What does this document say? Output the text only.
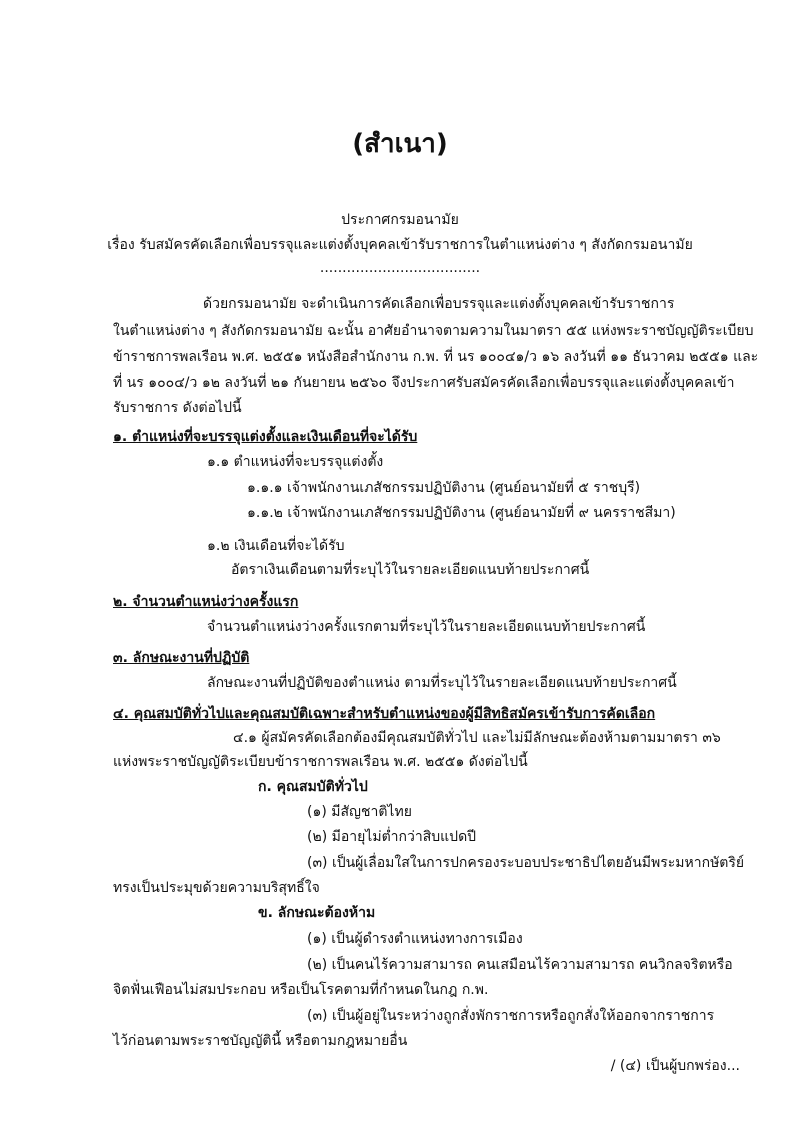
(สำเนา)
ประกาศกรมอนามัย
เรื่อง รับสมัครคัดเลือกเพื่อบรรจุและแต่งตั้งบุคคลเข้ารับราชการในตำแหน่งต่าง ๆ สังกัดกรมอนามัย
....................................
ด้วยกรมอนามัย จะดำเนินการคัดเลือกเพื่อบรรจุและแต่งตั้งบุคคลเข้ารับราชการ
ในตำแหน่งต่าง ๆ สังกัดกรมอนามัย ฉะนั้น อาศัยอำนาจตามความในมาตรา ๕๕ แห่งพระราชบัญญัติระเบียบ
ข้าราชการพลเรือน พ.ศ. ๒๕๕๑ หนังสือสำนักงาน ก.พ. ที่ นร ๑๐๐๔๑/ว ๑๖ ลงวันที่ ๑๑ ธันวาคม ๒๕๕๑ และ
ที่ นร ๑๐๐๔/ว ๑๒ ลงวันที่ ๒๑ กันยายน ๒๕๖๐ จึงประกาศรับสมัครคัดเลือกเพื่อบรรจุและแต่งตั้งบุคคลเข้า
รับราชการ ดังต่อไปนี้
๑. ตำแหน่งที่จะบรรจุแต่งตั้งและเงินเดือนที่จะได้รับ
๑.๑ ตำแหน่งที่จะบรรจุแต่งตั้ง
๑.๑.๑ เจ้าพนักงานเภสัชกรรมปฏิบัติงาน (ศูนย์อนามัยที่ ๕ ราชบุรี)
๑.๑.๒ เจ้าพนักงานเภสัชกรรมปฏิบัติงาน (ศูนย์อนามัยที่ ๙ นครราชสีมา)
๑.๒ เงินเดือนที่จะได้รับ
อัตราเงินเดือนตามที่ระบุไว้ในรายละเอียดแนบท้ายประกาศนี้
๒. จำนวนตำแหน่งว่างครั้งแรก
จำนวนตำแหน่งว่างครั้งแรกตามที่ระบุไว้ในรายละเอียดแนบท้ายประกาศนี้
๓. ลักษณะงานที่ปฏิบัติ
ลักษณะงานที่ปฏิบัติของตำแหน่ง ตามที่ระบุไว้ในรายละเอียดแนบท้ายประกาศนี้
๔. คุณสมบัติทั่วไปและคุณสมบัติเฉพาะสำหรับตำแหน่งของผู้มีสิทธิสมัครเข้ารับการคัดเลือก
๔.๑ ผู้สมัครคัดเลือกต้องมีคุณสมบัติทั่วไป และไม่มีลักษณะต้องห้ามตามมาตรา ๓๖
แห่งพระราชบัญญัติระเบียบข้าราชการพลเรือน พ.ศ. ๒๕๕๑ ดังต่อไปนี้
ก. คุณสมบัติทั่วไป
(๑) มีสัญชาติไทย
(๒) มีอายุไม่ต่ำกว่าสิบแปดปี
(๓) เป็นผู้เลื่อมใสในการปกครองระบอบประชาธิปไตยอันมีพระมหากษัตริย์
ทรงเป็นประมุขด้วยความบริสุทธิ์ใจ
ข. ลักษณะต้องห้าม
(๑) เป็นผู้ดำรงตำแหน่งทางการเมือง
(๒) เป็นคนไร้ความสามารถ คนเสมือนไร้ความสามารถ คนวิกลจริตหรือ
จิตฟั่นเฟือนไม่สมประกอบ หรือเป็นโรคตามที่กำหนดในกฎ ก.พ.
(๓) เป็นผู้อยู่ในระหว่างถูกสั่งพักราชการหรือถูกสั่งให้ออกจากราชการ
ไว้ก่อนตามพระราชบัญญัตินี้ หรือตามกฎหมายอื่น
/ (๔) เป็นผู้บกพร่อง...
